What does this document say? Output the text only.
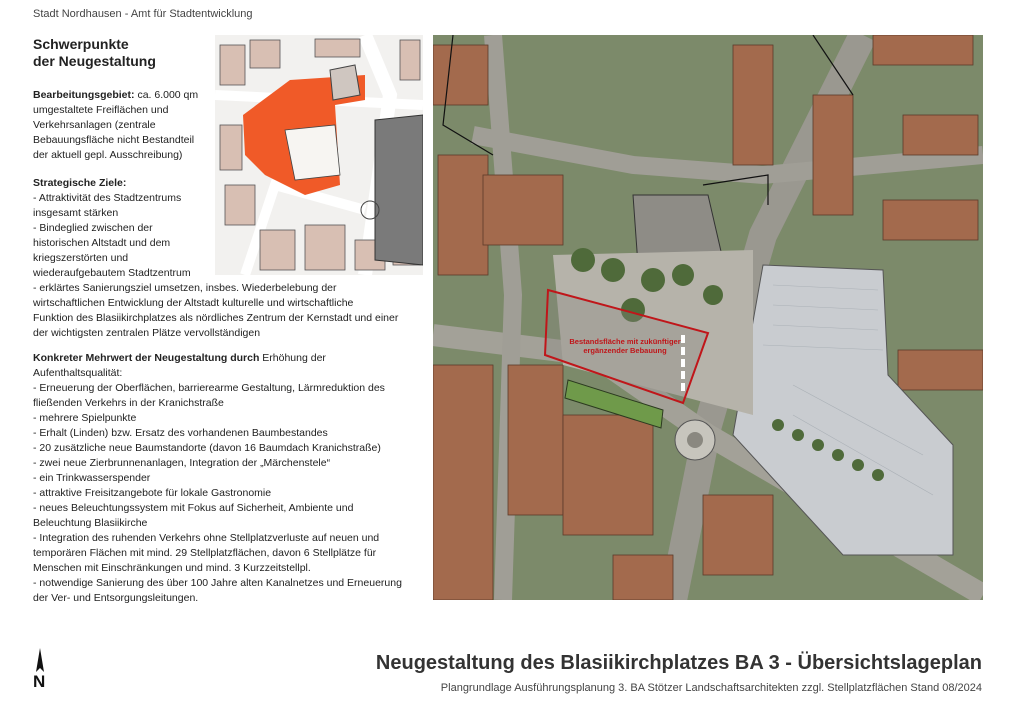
Stadt Nordhausen - Amt für Stadtentwicklung
Schwerpunkte
der Neugestaltung
Bearbeitungsgebiet: ca. 6.000 qm
umgestaltete Freiflächen und
Verkehrsanlagen (zentrale
Bebauungsfläche nicht Bestandteil
der aktuell gepl. Ausschreibung)
Strategische Ziele:
- Attraktivität des Stadtzentrums
insgesamt stärken
- Bindeglied zwischen der
historischen Altstadt und dem
kriegszerstörten und
wiederaufgebautem Stadtzentrum
- erklärtes Sanierungsziel umsetzen, insbes. Wiederbelebung der
wirtschaftlichen Entwicklung der Altstadt kulturelle und wirtschaftliche
Funktion des Blasiikirchplatzes als nördliches Zentrum der Kernstadt und einer
der wichtigsten zentralen Plätze vervollständigen
Konkreter Mehrwert der Neugestaltung durch Erhöhung der
Aufenthaltsqualität:
- Erneuerung der Oberflächen, barrierearme Gestaltung, Lärmreduktion des
fließenden Verkehrs in der Kranichstraße
- mehrere Spielpunkte
- Erhalt (Linden) bzw. Ersatz des vorhandenen Baumbestandes
- 20 zusätzliche neue Baumstandorte (davon 16 Baumdach Kranichstraße)
- zwei neue Zierbrunnenanlagen, Integration der „Märchenstele“
- ein Trinkwasserspender
- attraktive Freisitzangebote für lokale Gastronomie
- neues Beleuchtungssystem mit Fokus auf Sicherheit, Ambiente und
Beleuchtung Blasiikirche
- Integration des ruhenden Verkehrs ohne Stellplatzverluste auf neuen und
temporären Flächen mit mind. 29 Stellplatzflächen, davon 6 Stellplätze für
Menschen mit Einschränkungen und mind. 3 Kurzzeitstellpl.
- notwendige Sanierung des über 100 Jahre alten Kanalnetzes und Erneuerung
der Ver- und Entsorgungsleitungen.
Bestandsfläche mit zukünftiger
ergänzender Bebauung
N
Neugestaltung des Blasiikirchplatzes BA 3 - Übersichtslageplan
Plangrundlage Ausführungsplanung 3. BA Stötzer Landschaftsarchitekten zzgl. Stellplatzflächen Stand 08/2024
